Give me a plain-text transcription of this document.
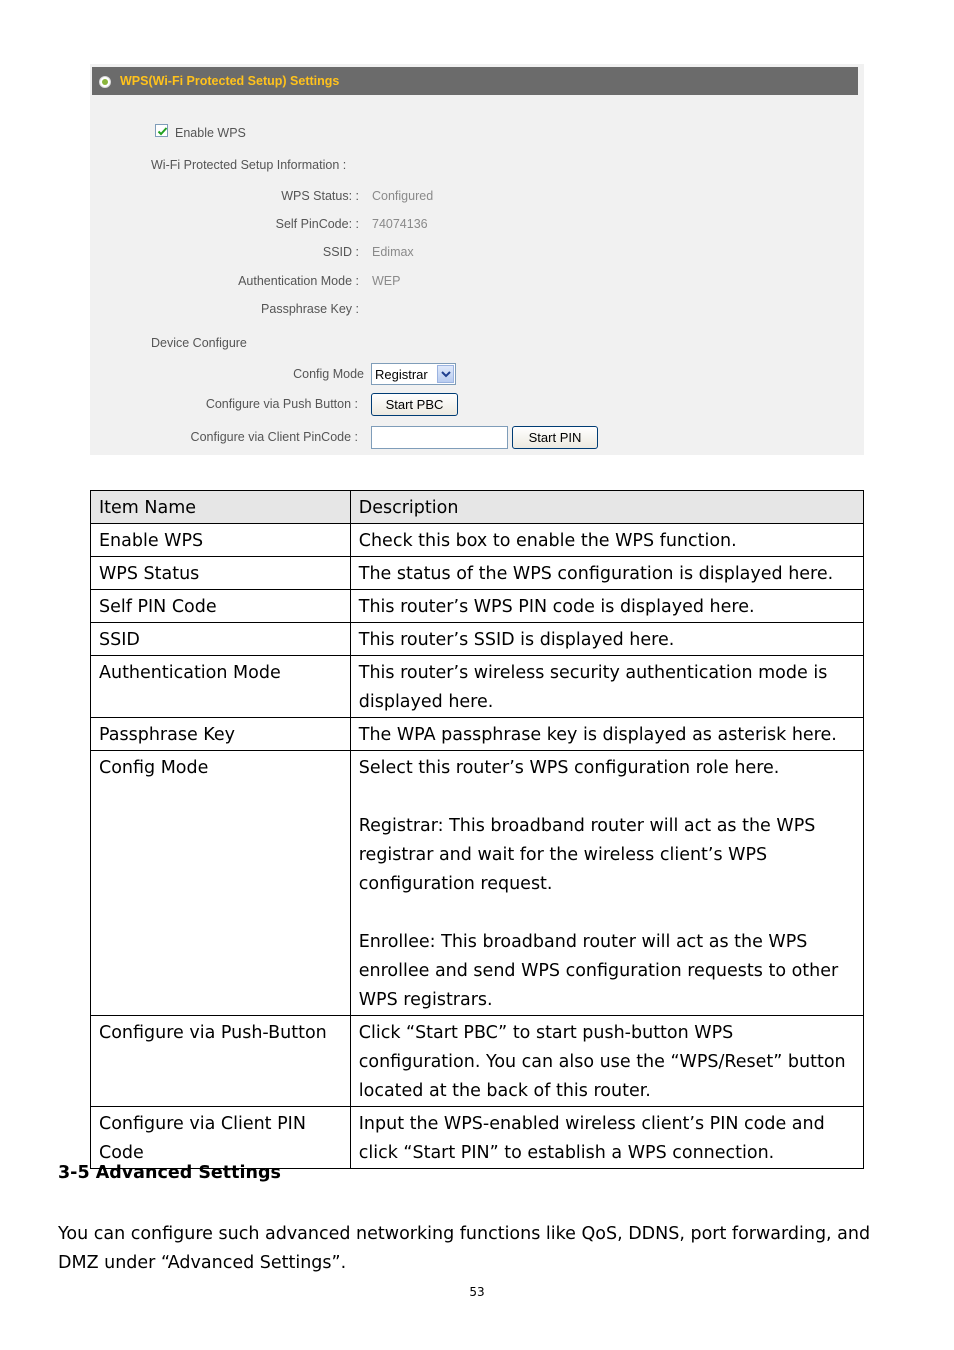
WPS(Wi-Fi Protected Setup) Settings
Enable WPS
Wi-Fi Protected Setup Information :
WPS Status: : Configured
Self PinCode: : 74074136
SSID : Edimax
Authentication Mode : WEP
Passphrase Key :
Device Configure
Config Mode Registrar
Configure via Push Button :	Start PBC
Configure via Client PinCode :	Start PIN
Item Name	Description
Enable WPS	Check this box to enable the WPS function.
WPS Status	The status of the WPS configuration is displayed here.
Self PIN Code	This router’s WPS PIN code is displayed here.
SSID	This router’s SSID is displayed here.
Authentication Mode	This router’s wireless security authentication mode is displayed here.
Passphrase Key	The WPA passphrase key is displayed as asterisk here.
Config Mode	Select this router’s WPS configuration role here.
Registrar: This broadband router will act as the WPS registrar and wait for the wireless client’s WPS configuration request.
Enrollee: This broadband router will act as the WPS enrollee and send WPS configuration requests to other WPS registrars.

Configure via Push-Button	Click “Start PBC” to start push-button WPS configuration. You can also use the “WPS/Reset” button located at the back of this router.
Configure via Client PIN Code	Input the WPS-enabled wireless client’s PIN code and click “Start PIN” to establish a WPS connection.
3-5 Advanced Settings
You can configure such advanced networking functions like QoS, DDNS, port forwarding, and DMZ under “Advanced Settings”.
53
